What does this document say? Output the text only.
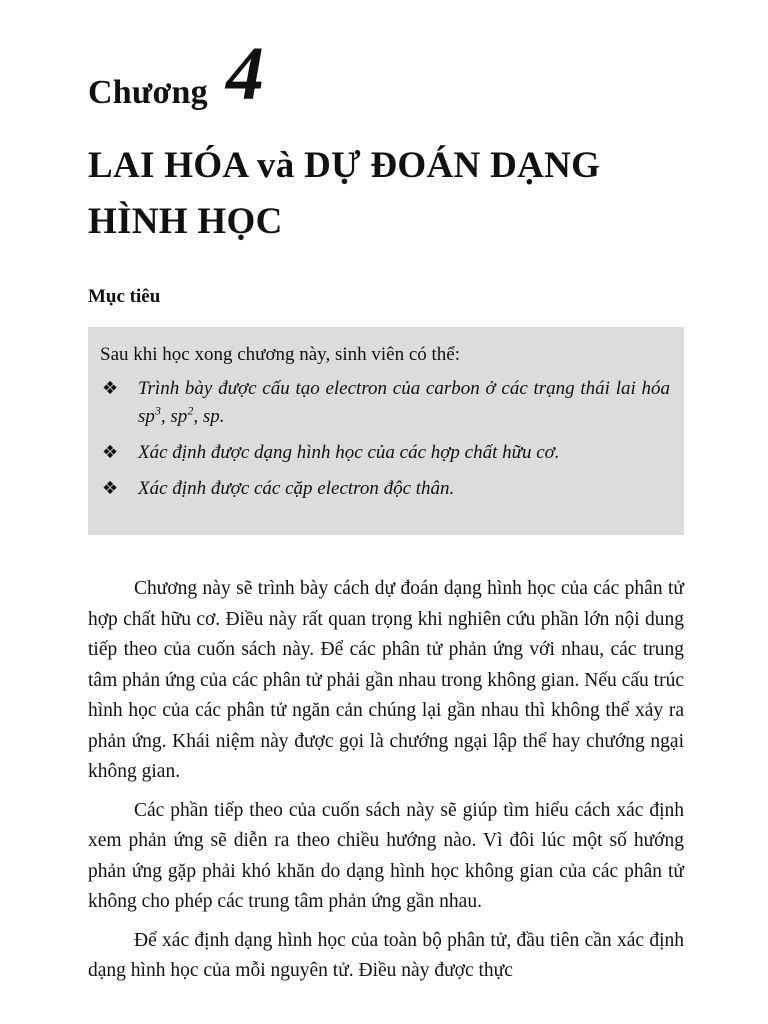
Chương 4
LAI HÓA và DỰ ĐOÁN DẠNG HÌNH HỌC
Mục tiêu

Sau khi học xong chương này, sinh viên có thể:

❖ Trình bày được cấu tạo electron của carbon ở các trạng thái lai hóa $sp^3$, $sp^2$, sp.
❖ Xác định được dạng hình học của các hợp chất hữu cơ.
❖ Xác định được các cặp electron độc thân.

Chương này sẽ trình bày cách dự đoán dạng hình học của các phân tử hợp chất hữu cơ. Điều này rất quan trọng khi nghiên cứu phần lớn nội dung tiếp theo của cuốn sách này. Để các phân tử phản ứng với nhau, các trung tâm phản ứng của các phân tử phải gần nhau trong không gian. Nếu cấu trúc hình học của các phân tử ngăn cản chúng lại gần nhau thì không thể xảy ra phản ứng. Khái niệm này được gọi là chướng ngại lập thể hay chướng ngại không gian.

Các phần tiếp theo của cuốn sách này sẽ giúp tìm hiểu cách xác định xem phản ứng sẽ diễn ra theo chiều hướng nào. Vì đôi lúc một số hướng phản ứng gặp phải khó khăn do dạng hình học không gian của các phân tử không cho phép các trung tâm phản ứng gần nhau.

Để xác định dạng hình học của toàn bộ phân tử, đầu tiên cần xác định dạng hình học của mỗi nguyên tử. Điều này được thực
